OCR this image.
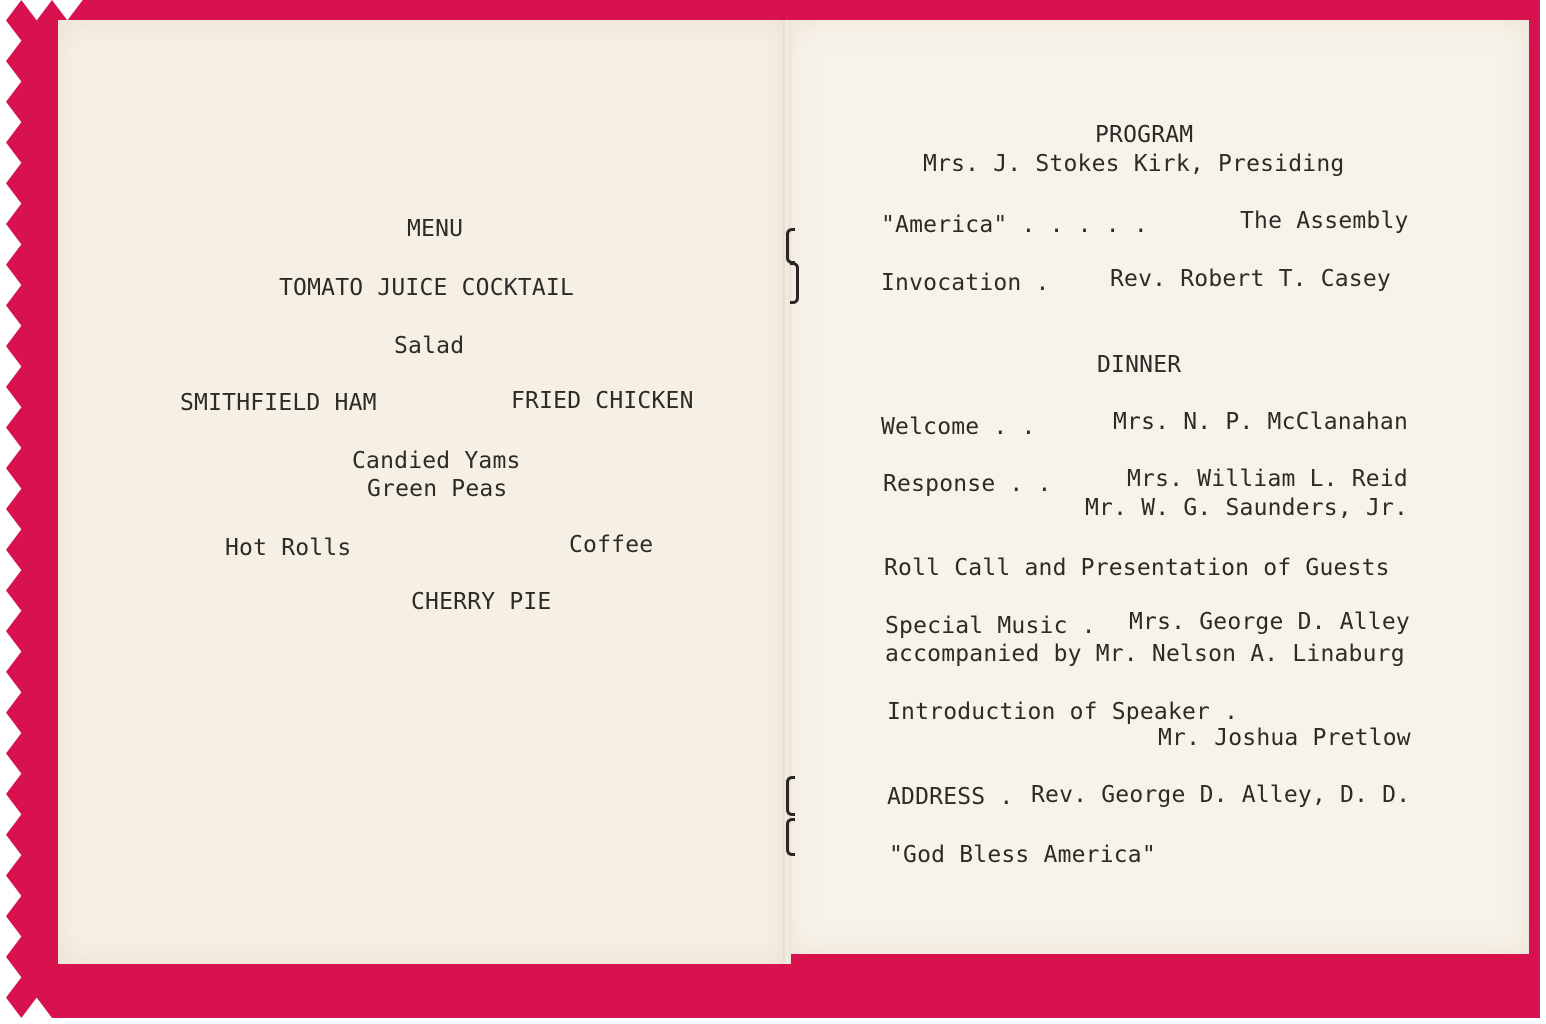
MENU
TOMATO JUICE COCKTAIL
Salad
SMITHFIELD HAM	FRIED CHICKEN
Candied Yams
Green Peas
Hot Rolls	Coffee
CHERRY PIE
PROGRAM
Mrs. J. Stokes Kirk, Presiding
"America" . . . . .	The Assembly
Invocation .	Rev. Robert T. Casey
DINNER
Welcome . .	Mrs. N. P. McClanahan
Response . .	Mrs. William L. Reid
Mr. W. G. Saunders, Jr.
Roll Call and Presentation of Guests
Special Music . Mrs. George D. Alley
accompanied by Mr. Nelson A. Linaburg
Introduction of Speaker .
Mr. Joshua Pretlow
ADDRESS . Rev. George D. Alley, D. D.
"God Bless America"
